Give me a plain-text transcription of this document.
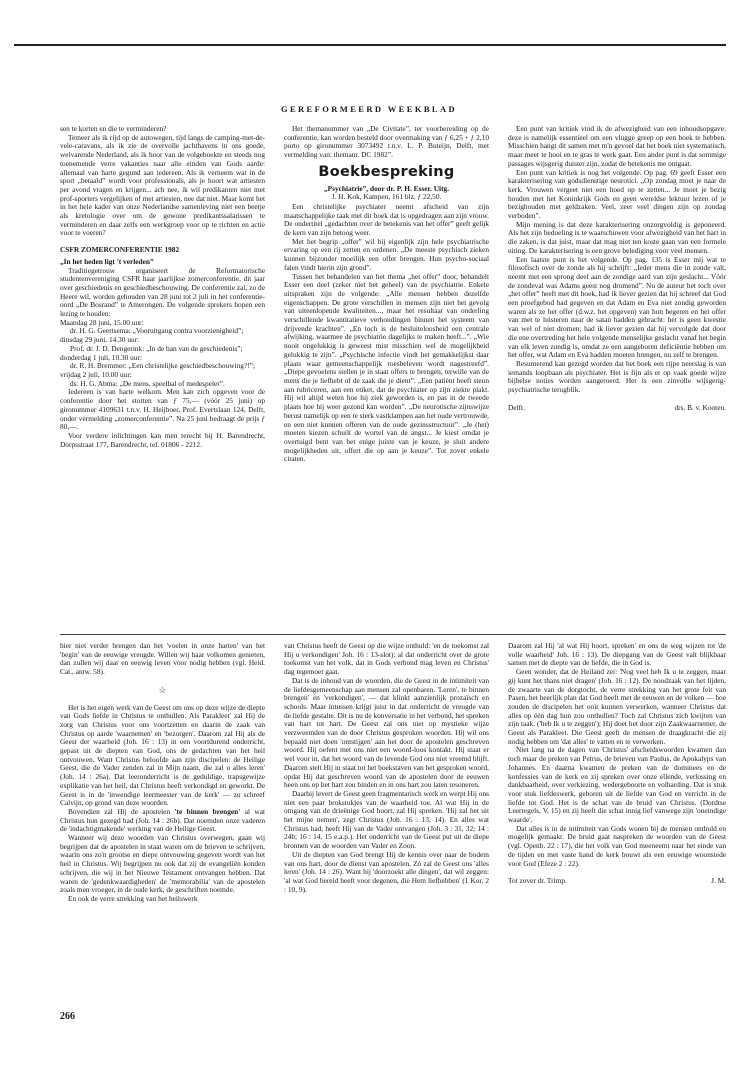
GEREFORMEERD WEEKBLAD

sen te korten en die te verminderen?

Temeer als ik rijd op de autowegen, tijd langs de camping-met-de-vele-caravans, als ik zie de overvolle jachthavens in ons goede, welvarende Nederland, als ik hoor van de volgeboekte en steeds nog toenemende verre vakanties naar alle einden van Gods aarde: allemaal van harte gegund aan iedereen. Als ik verneem wat in de sport „betaald” wordt voor professionals, als je hoort wat artiesten per avond vragen en krijgen... ach nee, ik wil predikanten niet met prof-sporters vergelijken of met artiesten, nee dat niet. Maar komt het in het hele kader van onze Nederlandse samenleving niet een beetje als kretologie over om de gewone predikantssalarissen te verminderen en daar zelfs een werkgroep voor op te richten en actie voor te voeren?

CSFR ZOMERCONFERENTIE 1982

„In het heden ligt 't verleden”

Traditiegetrouw organiseert de Reformatorische studentenvereniging CSFR haar jaarlijkse zomerconferentie, dit jaar over geschiedenis en geschiedbeschouwing. De conferentie zal, zo de Heere wil, worden gehouden van 28 juni tot 2 juli in het conferentie-oord „De Bosrand” te Amerongen. De volgende sprekers hopen een lezing te houden:

Maandag 28 juni, 15.00 uur:
dr. H. G. Geertsema: „Vooruitgang contra voorzienigheid”;
dinsdag 29 juni, 14.30 uur:
Prof. dr. J. D. Dengerink: „In de ban van de geschiedenis”;
donderdag 1 juli, 10.30 uur:
dr. R. H. Bremmer: „Een christelijke geschiedbeschouwing?!”;
vrijdag 2 juli, 10.00 uur:
ds. H. G. Abma: „De mens, speelbal of medespeler”.

Iedereen is van harte welkom. Men kan zich opgeven voor de conferentie door het storten van ƒ 75,— (vóór 25 juni) op gironummer 4109631 t.n.v. H. Heijboer, Prof. Evertslaan 124, Delft, onder vermelding „zomerconferentie”. Na 25 juni bedraagt de prijs ƒ 80,—.

Voor verdere inlichtingen kan men terecht bij H. Barendrecht, Dorpsstraat 177, Barendrecht, tel. 01806 - 2212.

Het themanummer van „De Civitate”, ter voorbereiding op de conferentie, kan worden besteld door overmaking van ƒ 6,25 + ƒ 2,10 porto op gironummer 3073492 t.n.v. L. P. Buteijn, Delft, met vermelding van: themanr. DC 1982”.

Boekbespreking
„Psychiatrie”, door dr. P. H. Esser. Uitg.
J. H. Kok, Kampen, 161 blz. ƒ 22,50.

Een christelijke psychiater neemt afscheid van zijn maatschappelijke taak met dit boek dat is opgedragen aan zijn vrouw. De ondertitel „gedachten over de betekenis van het offer” geeft gelijk de kern van zijn betoog weer.

Met het begrip „offer” wil hij eigenlijk zijn hele psychiatrische ervaring op een rij zetten en ordenen. „De meeste psychisch zieken kunnen bijzonder moeilijk een offer brengen. Hun psycho-sociaal falen vindt hierin zijn grond”.

Tussen het behandelen van het thema „het offer” door, behandelt Esser een deel (zeker niet het geheel) van de psychiatrie. Enkele uitspraken zijn de volgende: „Alle mensen hebben dezelfde eigenschappen. De grote verschillen in mensen zijn niet het gevolg van uiteenlopende kwaliteiten..., maar het resultaat van onderling verschillende kwantitatieve verhoudingen binnen het systeem van drijvende krachten”. „En toch is de besluiteloosheid een centrale afwijking, waarmee de psychiatrie dagelijks te maken heeft...”. „Wie nooit ongelukkig is geweest mist misschien wel de mogelijkheid gelukkig te zijn”. „Psychische infectie vindt het gemakkelijkst daar plaats waar gemeenschappelijk roesbeleven wordt nagestreefd”. „Diepe gevoelens stellen je in staat offers te brengen, terwille van de mens die je liefhebt of de zaak die je dient”. „Een patiënt heeft steun aan rubriceren, aan een etiket, dat de psychiater op zijn ziekte plakt. Hij wil altijd weten hoe hij ziek geworden is, en pas in de tweede plaats hoe hij weer gezond kan worden”. „De neurotische zijnswijze berust namelijk op een te sterk vastklampen aan het oude vertrouwde, en een niet kunnen offeren van de oude gezinsstructuur”. „Je (het) moeten kiezen schuilt de wortel van de angst... Je kiest omdat je overtuigd bent van het enige juiste van je keuze, je sluit andere mogelijkheden uit, offert die op aan je keuze”. Tot zover enkele citaten.

Een punt van kritiek vind ik de afwezigheid van een inhoudsopgave; deze is namelijk essentieel om een vlugge greep op een boek te hebben. Misschien hangt dit samen met m'n gevoel dat het boek niet systematisch, maar meer te hooi en te gras te werk gaat. Een ander punt is dat sommige passages wijsgerig duister zijn, zodat de betekenis me ontgaat.

Een punt van kritiek is nog het volgende. Op pag. 69 geeft Esser een karakterisering van godsdienstige neurotici. „Op zondag moet je naar de kerk. Vrouwen vergeet niet een hoed op te zetten... Je moet je bezig houden met het Koninkrijk Gods en geen wereldse lektuur lezen of je bezighouden met geldzaken. Veel, zeer veel dingen zijn op zondag verboden”.

Mijn mening is dat deze karakterisering onzorgvoldig is geponeerd. Als het zijn bedoeling is te waarschuwen voor afwezigheid van het hart in die zaken, is dat juist, maar dat mag niet ten koste gaan van een formele uiting. De karakterisering is een grove belediging voor veel mensen.

Een laatste punt is het volgende. Op pag. 135 is Esser mij wat te filosofisch over de zonde als hij schrijft: „Ieder mens die in zonde valt, neemt met een sprong deel aan de zondige aard van zijn geslacht... Vóór de zondeval was Adams geest nog dromend”. Nu de auteur het toch over „het offer” heeft met dit boek, had ik liever gezien dat hij schreef dat God een proefgebod had gegeven en dat Adam en Eva niet zondig geworden waren als ze het offer (d.w.z. het opgeven) van hun begeren en het offer van met te luisteren naar de satan hadden gebracht: het is geen kwestie van wel of niet dromen; had ik liever gezien dat hij vervolgde dat door die ene overtreding het hele volgende menselijke geslacht vanaf het begin van elk leven zondig is, omdat ze een aangeboren deficiëntie hebben om het offer, wat Adam en Eva hadden moeten brengen, nu zelf te brengen.

Resumerend kan gezegd worden dat het boek een rijpe neerslag is van iemands loopbaan als psychiater. Het is fijn als er op vaak goede wijze bijbelse noties worden aangeroerd. Het is een zinvolle wijsgerig-psychiatrische terugblik.

Delft.	drs. B. v. Kooten.

hier niet verder brengen dan het 'voelen in onze harten' van het 'begin' van de eeuwige vreugde. Willen wij haar volkomen genieten, dan zullen wij daar en eeuwig leven voor nodig hebben (vgl. Heid. Cat., antw. 58).

☆

Het is het eigen werk van de Geest om ons op deze wijze de diepte van Gods liefde in Christus te onthullen. Als Parakleet' zal Hij de zorg van Christus voor ons voortzetten en daarin de zaak van Christus op aarde 'waarnemen' en 'bezorgen'. Daarom zal Hij als de Geest der waarheid (Joh. 16 : 13) in een voortdurend onderricht, gepast uit de diepten van God, ons de gedachten van het heil ontvouwen. Want Christus beloofde aan zijn discipelen: de Heilige Geest, die de Vader zenden zal in Mijn naam, die zal u alles leren' (Joh. 14 : 26a). Dat leeronderricht is de geduldige, trapsgewijze explikatie van het heil, dat Christus heeft verkondigd en geworkt. De Geest is in de 'inwendige leermeester van de kerk' — zo schreef Calvijn, op grond van deze woorden.

Bovendien zal Hij de apostelen 'te binnen brengen' al wat Christus hun gezegd had (Joh. 14 : 26b). Dat noemden onze vaderen de 'indachtigmakende' werking van de Heilige Geest.

Wanneer wij deze woorden van Christus overwegen, gaan wij begrijpen dat de apostelen in staat waren om de brieven te schrijven, waarin ons zo'n grootse en diepe ontvouwing gegeven wordt van het heil in Christus. Wij begrijpen nu ook dat zij de evangeliën konden schrijven, die wij in het Nieuwe Testament ontvangen hebben. Dat waren de 'gedenkwaardigheden' de 'memorabilia' van de apostelen zoals men vroeger, in de oude kerk, de geschriften noemde.

En ook de verre strekking van het heilswerk

van Christus heeft de Geest op die wijze onthuld: 'en de toekomst zal Hij u verkondigen' Joh. 16 : 13-slot): al dat onderricht over de grote toekomst van het volk, dat in Gods verbond mag leven en Christus' dag tegemoet gaat.

Dat is de inhoud van de woorden, die de Geest in de intimiteit van de liefdesgemeenschap aan mensen zal openbaren. 'Leren', te binnen brengen' en 'verkondigen', — dat klinkt aanzienlijk prozaïsch en schools. Maar intussen krijgt juist in dat onderricht de vreugde van de liefde gestalte. Dit is nu de konversatie in het verbond, het spreken van hart tot hart. De Geest zal ons niet op mystieke wijze verzweemden van de door Christus gesproken woorden. Hij wil ons bepaald niet doen 'ontstijgen' aan het door de apostelen geschreven woord. Hij oefent met ons niet een woord-loos kontakt. Hij staat er wel voor in, dat het woord van de levende God ons niet vreemd blijft. Daarom stelt Hij in staat tot het boekstaven van het gesproken woord, opdat Hij dat geschreven woord van de apostelen door de eeuwen heen ons op het hart zou binden en in ons hart zou laten resoneren.

Daarbij levert de Geest geen fragmentarisch werk en werpt Hij ons niet een paar brokstukjes van de waarheid toe. Al wat Hij in de omgang van de drieënige God hoort, zal Hij spreken. 'Hij zal het uit het mijne nemen', zegt Christus (Joh. 16 : 13, 14). En alles wat Christus had, heeft Hij van de Vader ontvangen (Joh. 3 : 31, 32; 14 : 24b; 16 : 14, 15 e.a.p.). Het onderricht van de Geest put uit de diepe bronnen van de woorden van Vader en Zoon.

Uit de diepten van God brengt Hij de kennis over naar de bodem van ons hart, door de dienst van apostelen. Zó zal de Geest ons 'alles leren' (Joh. 14 : 26). Want hij 'doorzoekt alle dingen', dat wil zeggen: 'al wat God bereid heeft voor degenen, die Hem liefhebben' (1 Kor. 2 : 10, 9).

Daarom zal Hij 'al wat Hij hoort, spreken' en ons de weg wijzen tot 'de volle waarheid' Joh. 16 : 13). De diepgang van de Geest valt blijkbaar samen met de diepte van de liefde, die in God is.

Geen wonder, dat de Heiland zei: 'Nog veel heb Ik u te zeggen, maar gij kunt het thans niet dragen' (Joh. 16 : 12). De noodzaak van het lijden, de zwaarte van de dorgtocht, de verre strekking van het grote feit van Pasen, het heerlijk plan dat God heeft met de eeuwen en de volken — hoe zouden de discipelen het ooit kunnen verwerken, wanneer Christus dat alles op één dag hun zou onthullen? Toch zal Christus zich kwijten van zijn taak. ('heb Ik u te zeggen'); Hij doet het door zijn Zaakwaarnemer, de Geest als Parakleet. Die Geest geeft de mensen de draagkracht die zij nodig hebben om 'dat alles' te vatten en te verwerken.

Niet lang na de dagen van Christus' afscheidswoorden kwamen dan toch maar de preken van Petrus, de brieven van Paulus, de Apokalyps van Johannes. En daarna kwamen de preken van de dominees en de konfessies van de kerk en zij spreken over onze ellende, verlossing en dankbaarheid, over verkiezing, wedergeboorte en volharding. Dat is stuk voor stuk liefdeswerk, geboren uit de liefde van God en verricht in de liefde tot God. Het is de schat van de bruid van Christus. (Dordtse Leerregels, V, 15) en zij heeft die schat innig lief vanwege zijn 'oneindige waarde'.

Dat alles is in de intimiteit van Gods wonen bij de mensen onthuld en mogelijk gemaakt. De bruid gaat naspreken de woorden van de Geest (vgl. Openb. 22 : 17), die het volk van God meeneemt naar het einde van de tijden en met vaste hand de kerk bouwt als een eeuwige woonstede voor God (Efeze 2 : 22).

Tot zover dr. Trimp.	J. M.
266
